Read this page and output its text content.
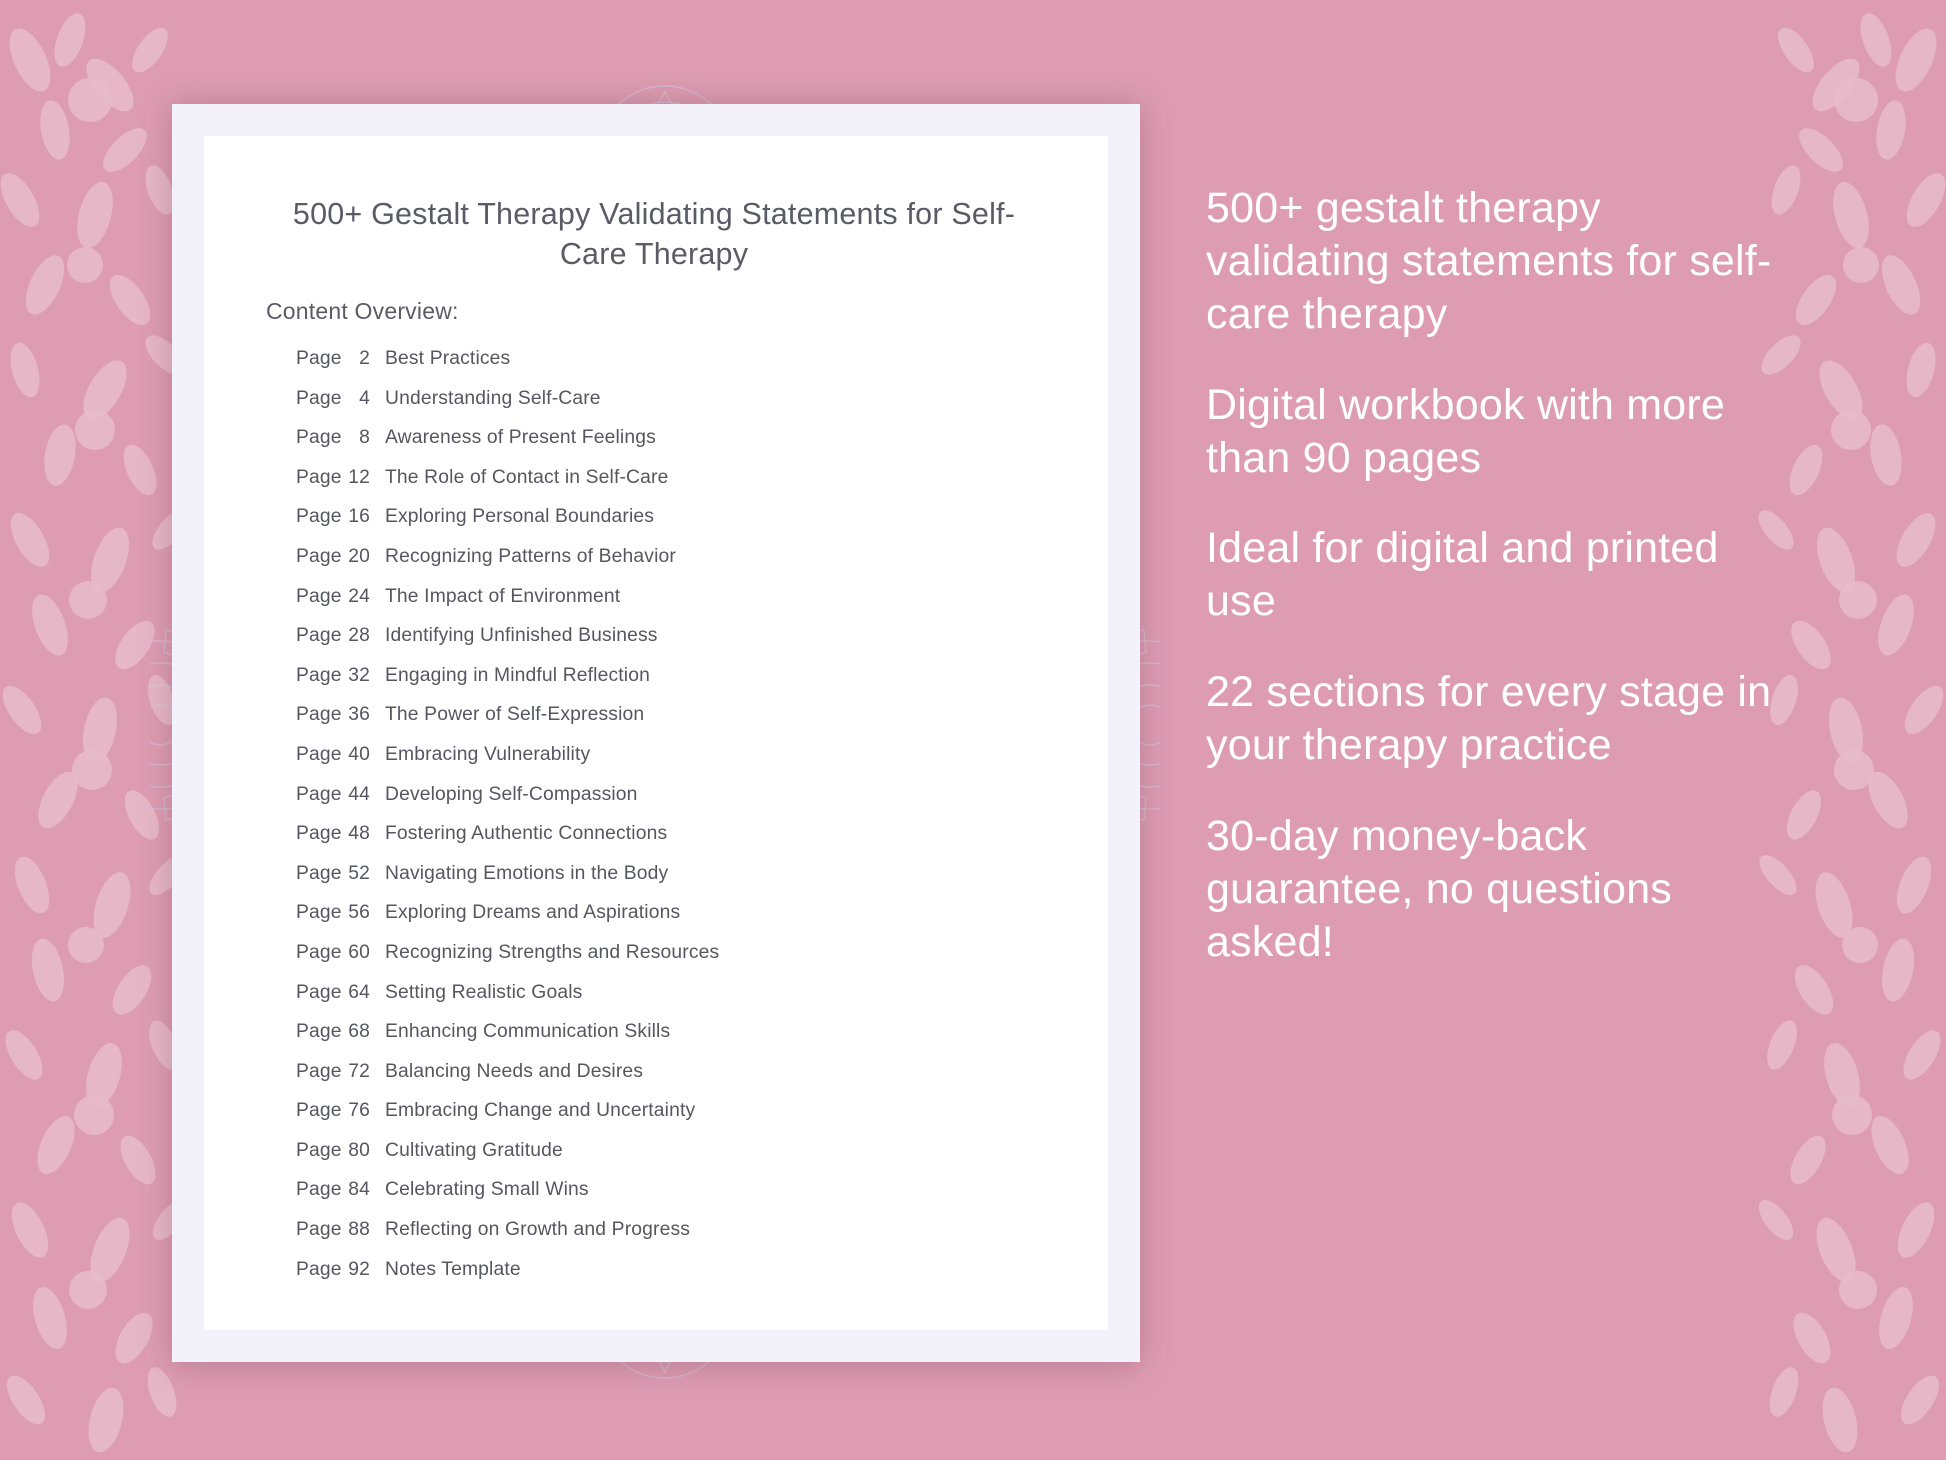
500+ Gestalt Therapy Validating Statements for Self-Care Therapy
Content Overview:
Page 2 Best Practices
Page 4 Understanding Self-Care
Page 8 Awareness of Present Feelings
Page 12 The Role of Contact in Self-Care
Page 16 Exploring Personal Boundaries
Page 20 Recognizing Patterns of Behavior
Page 24 The Impact of Environment
Page 28 Identifying Unfinished Business
Page 32 Engaging in Mindful Reflection
Page 36 The Power of Self-Expression
Page 40 Embracing Vulnerability
Page 44 Developing Self-Compassion
Page 48 Fostering Authentic Connections
Page 52 Navigating Emotions in the Body
Page 56 Exploring Dreams and Aspirations
Page 60 Recognizing Strengths and Resources
Page 64 Setting Realistic Goals
Page 68 Enhancing Communication Skills
Page 72 Balancing Needs and Desires
Page 76 Embracing Change and Uncertainty
Page 80 Cultivating Gratitude
Page 84 Celebrating Small Wins
Page 88 Reflecting on Growth and Progress
Page 92 Notes Template

500+ gestalt therapy validating statements for self-care therapy

Digital workbook with more than 90 pages

Ideal for digital and printed use

22 sections for every stage in your therapy practice

30-day money-back guarantee, no questions asked!
